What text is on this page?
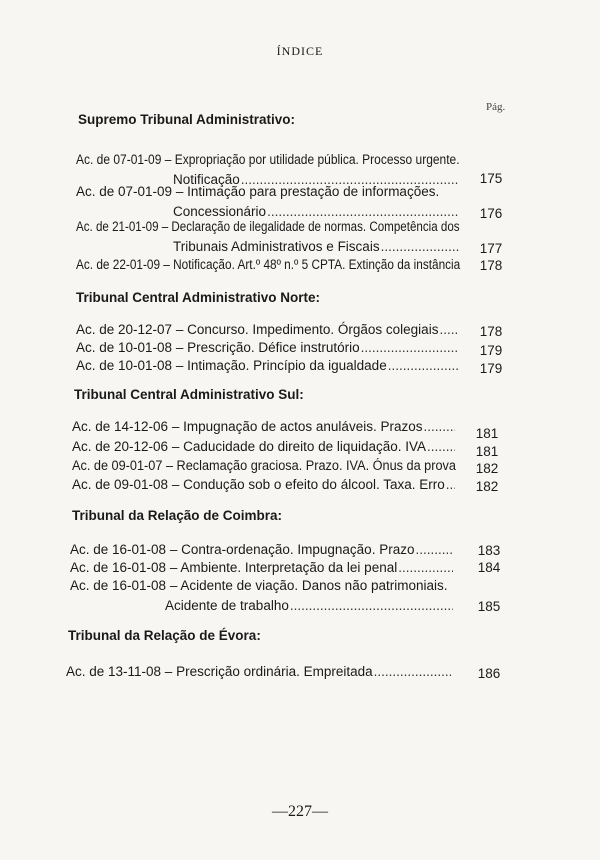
ÍNDICE
Pág.
Supremo Tribunal Administrativo:
Ac. de 07-01-09 – Expropriação por utilidade pública. Processo urgente.
Notificação .....	175
Ac. de 07-01-09 – Intimação para prestação de informações.
Concessionário .....	176
Ac. de 21-01-09 – Declaração de ilegalidade de normas. Competência dos
Tribunais Administrativos e Fiscais .....	177
Ac. de 22-01-09 – Notificação. Art.º 48º n.º 5 CPTA. Extinção da instância 178
Tribunal Central Administrativo Norte:
Ac. de 20-12-07 – Concurso. Impedimento. Órgãos colegiais .....	178
Ac. de 10-01-08 – Prescrição. Défice instrutório .....	179
Ac. de 10-01-08 – Intimação. Princípio da igualdade .....	179
Tribunal Central Administrativo Sul:
Ac. de 14-12-06 – Impugnação de actos anuláveis. Prazos .....	181
Ac. de 20-12-06 – Caducidade do direito de liquidação. IVA .....	181
Ac. de 09-01-07 – Reclamação graciosa. Prazo. IVA. Ónus da prova 182
Ac. de 09-01-08 – Condução sob o efeito do álcool. Taxa. Erro ..... 182
Tribunal da Relação de Coimbra:
Ac. de 16-01-08 – Contra-ordenação. Impugnação. Prazo .....	183
Ac. de 16-01-08 – Ambiente. Interpretação da lei penal .....	184
Ac. de 16-01-08 – Acidente de viação. Danos não patrimoniais.
Acidente de trabalho .....	185
Tribunal da Relação de Évora:
Ac. de 13-11-08 – Prescrição ordinária. Empreitada .....	186
—227—
